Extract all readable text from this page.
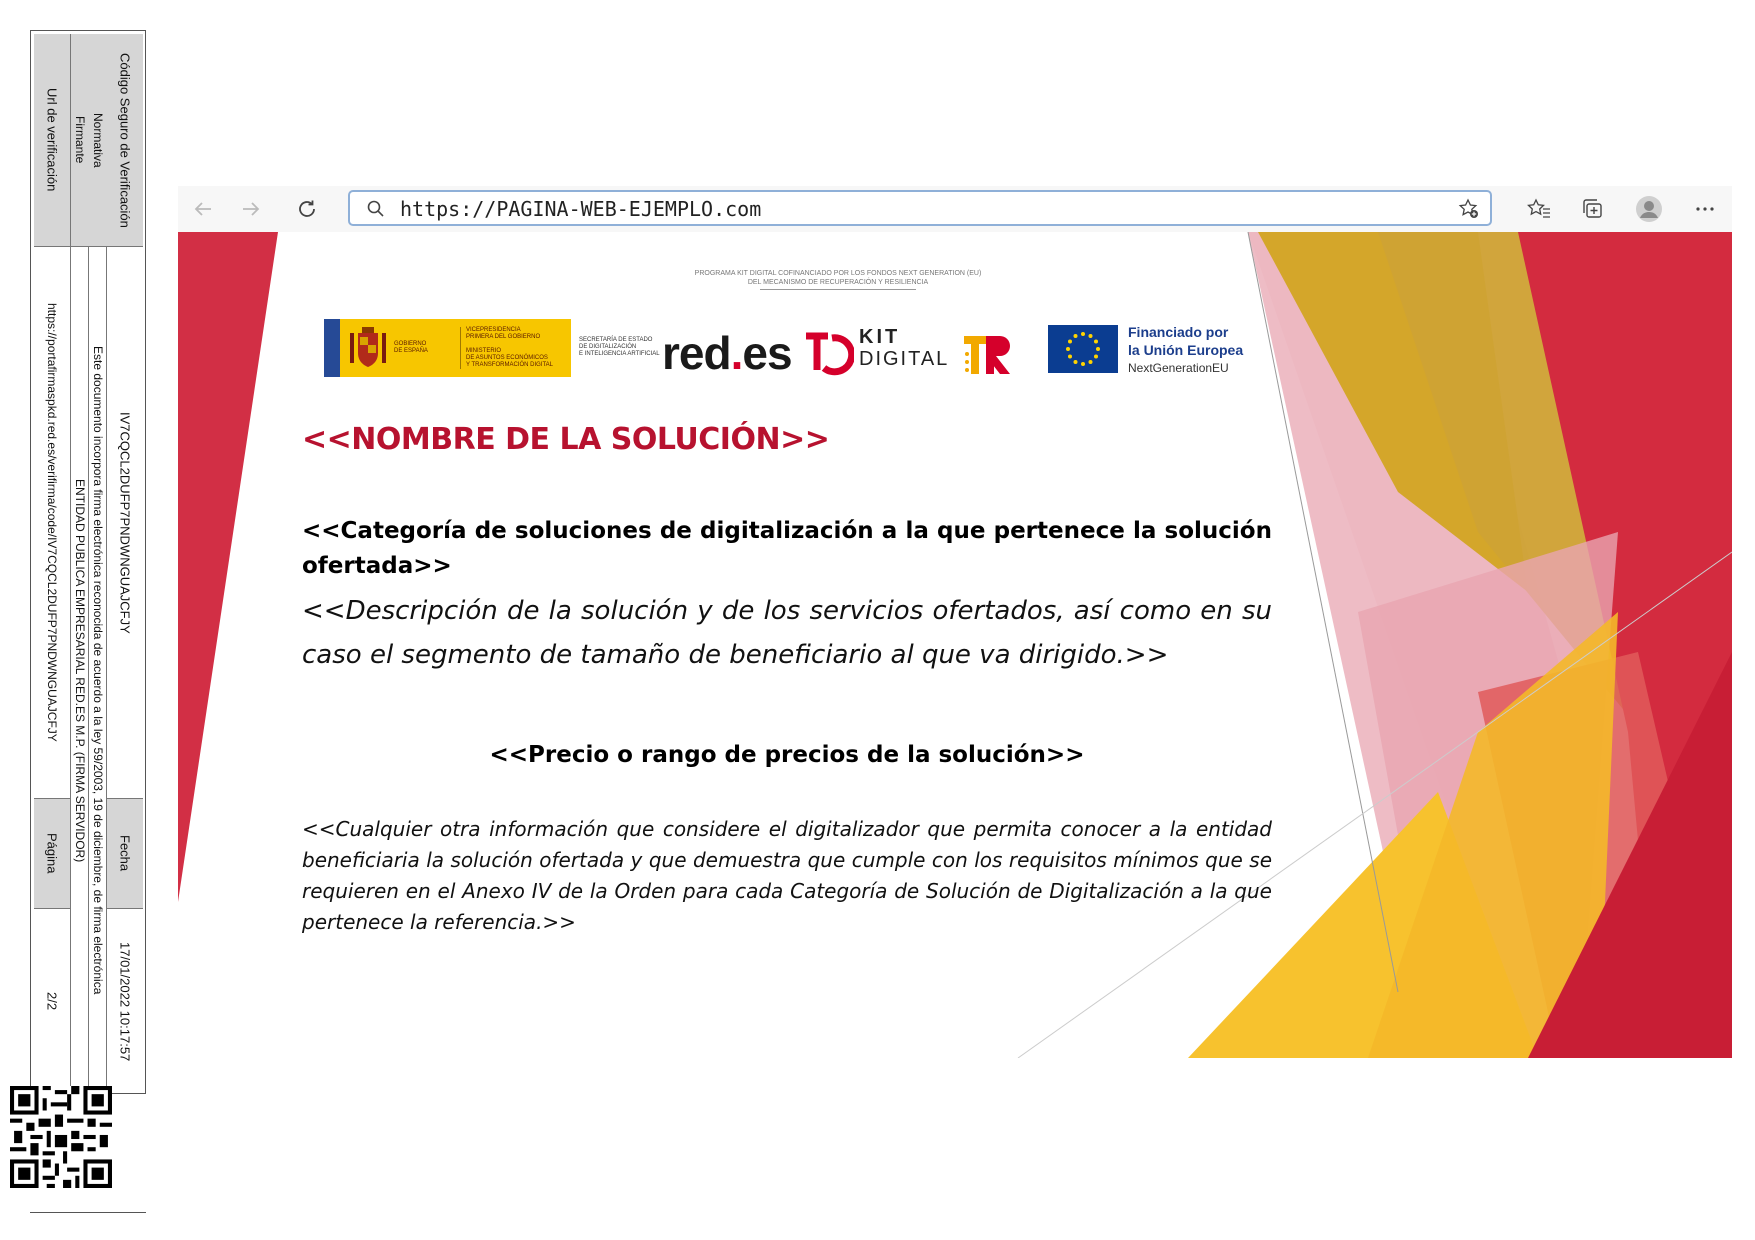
Código Seguro de Verificación
IV7CQCL2DUFP7PNDWNGUAJCFJY
Fecha
17/01/2022 10:17:57
Normativa
Este documento incorpora firma electrónica reconocida de acuerdo a la ley 59/2003, 19 de diciembre, de firma electrónica
Firmante
ENTIDAD PUBLICA EMPRESARIAL RED.ES M.P. (FIRMA SERVIDOR)
Url de verificación
https://portafirmaspkd.red.es/verifirma/code/IV7CQCL2DUFP7PNDWNGUAJCFJY
Página
2/2
https://PAGINA-WEB-EJEMPLO.com
PROGRAMA KIT DIGITAL COFINANCIADO POR LOS FONDOS NEXT GENERATION (EU)
DEL MECANISMO DE RECUPERACIÓN Y RESILIENCIA
GOBIERNO
DE ESPAÑA
VICEPRESIDENCIA
PRIMERA DEL GOBIERNO

MINISTERIO
DE ASUNTOS ECONÓMICOS
Y TRANSFORMACIÓN DIGITAL
SECRETARÍA DE ESTADO
DE DIGITALIZACIÓN
E INTELIGENCIA ARTIFICIAL red.es	KIT
DIGITAL
Financiado por
la Unión Europea
NextGenerationEU
<<NOMBRE DE LA SOLUCIÓN>>
<<Categoría de soluciones de digitalización a la que pertenece la solución ofertada>>
<<Descripción de la solución y de los servicios ofertados, así como en su caso el segmento de tamaño de beneficiario al que va dirigido.>>
<<Precio o rango de precios de la solución>>
<<Cualquier otra información que considere el digitalizador que permita conocer a la entidad beneficiaria la solución ofertada y que demuestra que cumple con los requisitos mínimos que se requieren en el Anexo IV de la Orden para cada Categoría de Solución de Digitalización a la que pertenece la referencia.>>
